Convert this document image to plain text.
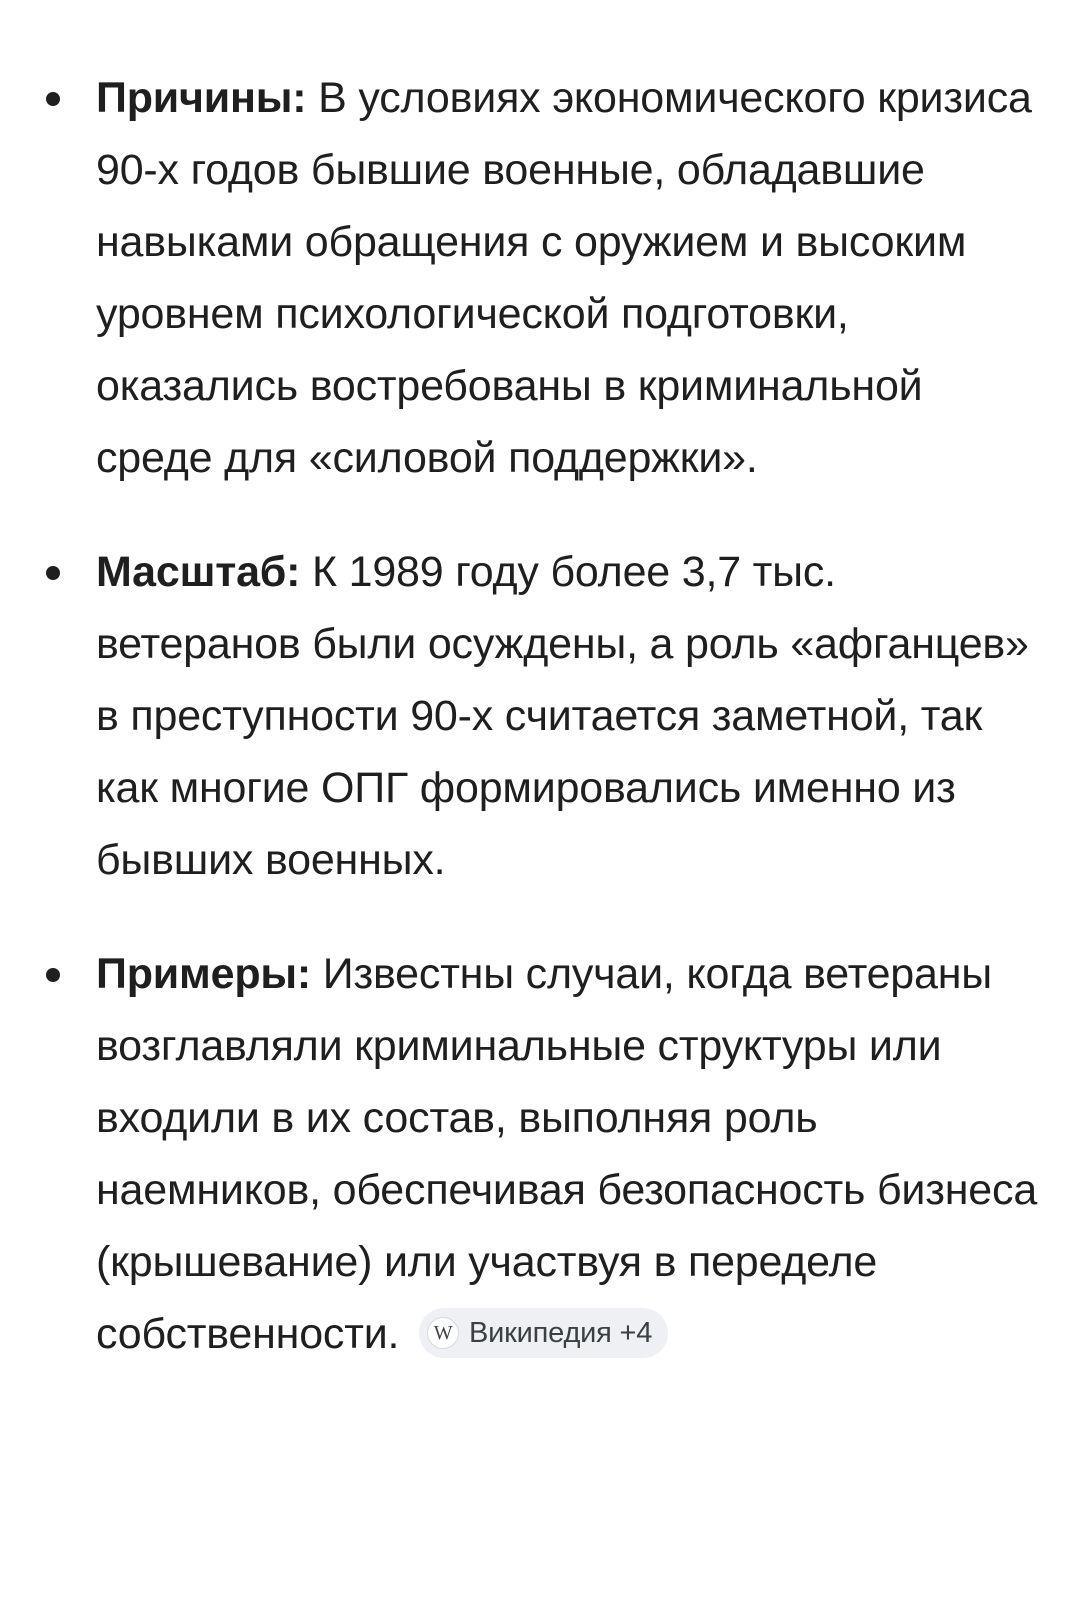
Причины: В условиях экономического кризиса 90-х годов бывшие военные, обладавшие навыками обращения с оружием и высоким уровнем психологической подготовки, оказались востребованы в криминальной среде для «силовой поддержки».
Масштаб: К 1989 году более 3,7 тыс. ветеранов были осуждены, а роль «афганцев» в преступности 90-х считается заметной, так как многие ОПГ формировались именно из бывших военных.
Примеры: Известны случаи, когда ветераны возглавляли криминальные структуры или входили в их состав, выполняя роль наемников, обеспечивая безопасность бизнеса (крышевание) или участвуя в переделе собственности.	W Википедия +4
